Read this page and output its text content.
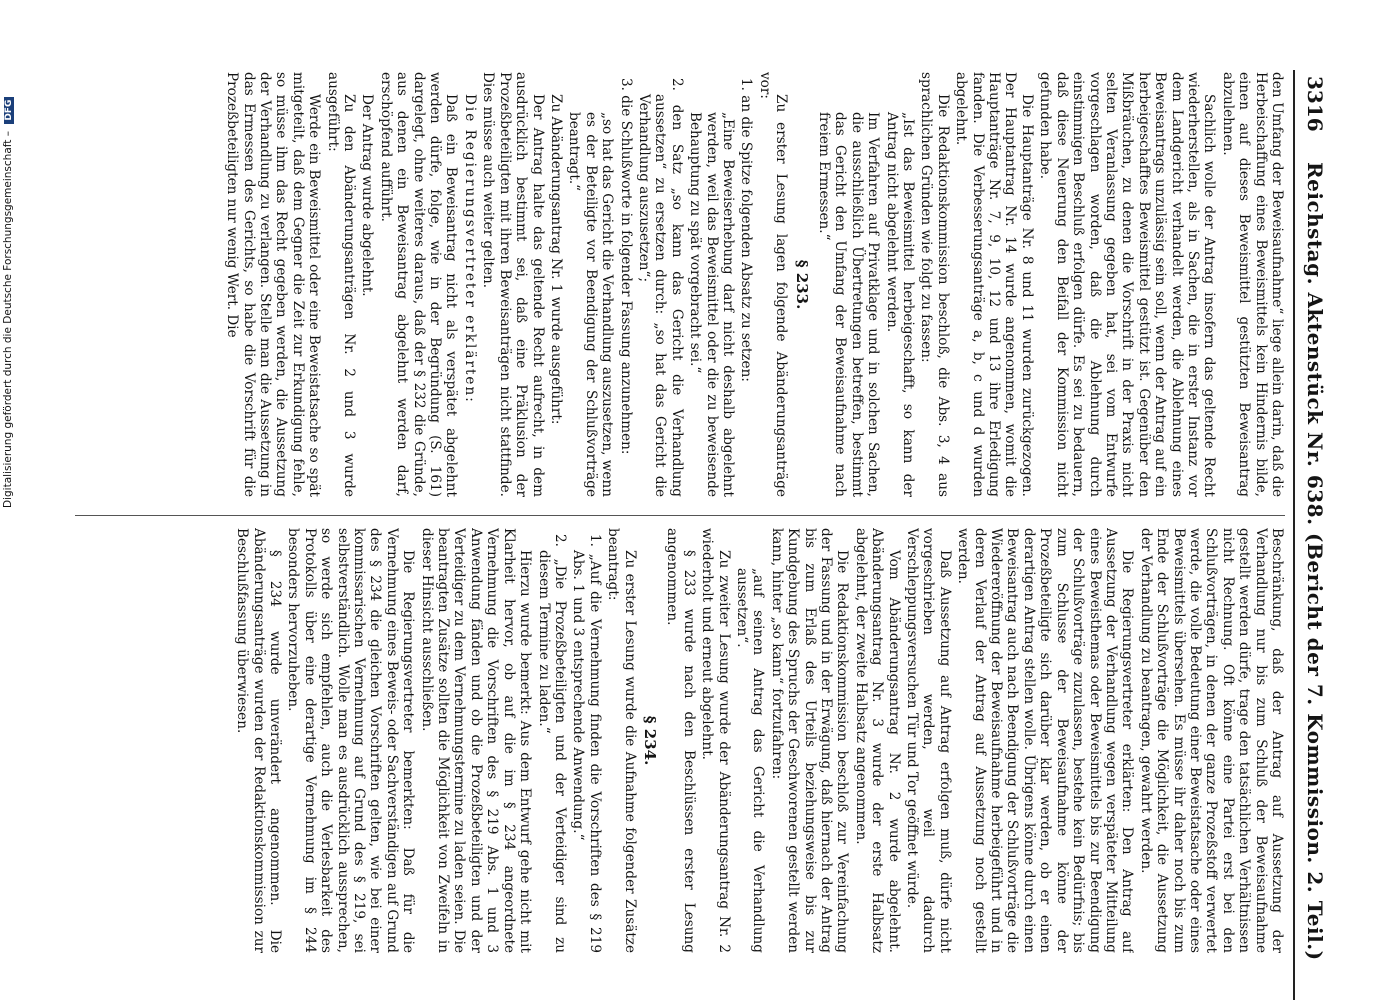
3316
Reichstag. Aktenstück Nr. 638. (Bericht der 7. Kommission. 2. Teil.)

den Umfang der Beweisaufnahme“ liege allein darin, daß die Herbeischaffung eines Beweismittels kein Hindernis bilde, einen auf dieses Beweismittel gestützten Beweisantrag abzulehnen.

Sachlich wolle der Antrag insofern das geltende Recht wiederherstellen, als in Sachen, die in erster Instanz vor dem Landgericht verhandelt werden, die Ablehnung eines Beweisantrags unzulässig sein soll, wenn der Antrag auf ein herbeigeschafftes Beweismittel gestützt ist. Gegenüber den Mißbräuchen, zu denen die Vorschrift in der Praxis nicht selten Veranlassung gegeben hat, sei vom Entwurfe vorgeschlagen worden, daß die Ablehnung durch einstimmigen Beschluß erfolgen dürfe. Es sei zu bedauern, daß diese Neuerung den Beifall der Kommission nicht gefunden habe.

Die Hauptanträge Nr. 8 und 11 wurden zurückgezogen. Der Hauptantrag Nr. 14 wurde angenommen, womit die Hauptanträge Nr. 7, 9, 10, 12 und 13 ihre Erledigung fanden. Die Verbesserungsanträge a, b, c und d wurden abgelehnt.

Die Redaktionskommission beschloß, die Abs. 3, 4 aus sprachlichen Gründen wie folgt zu fassen:

„Ist das Beweismittel herbeigeschafft, so kann der Antrag nicht abgelehnt werden.

Im Verfahren auf Privatklage und in solchen Sachen, die ausschließlich Übertretungen betreffen, bestimmt das Gericht den Umfang der Beweisaufnahme nach freiem Ermessen.“

§ 233.

Zu erster Lesung lagen folgende Abänderungsanträge vor:

1. an die Spitze folgenden Absatz zu setzen:

„Eine Beweiserhebung darf nicht deshalb abgelehnt werden, weil das Beweismittel oder die zu beweisende Behauptung zu spät vorgebracht sei.“

2. den Satz „so kann das Gericht die Verhandlung aussetzen“ zu ersetzen durch: „so hat das Gericht die Verhandlung auszusetzen“;

3. die Schlußworte in folgender Fassung anzunehmen:

„so hat das Gericht die Verhandlung auszusetzen, wenn es der Beteiligte vor Beendigung der Schlußvorträge beantragt.“

Zu Abänderungsantrag Nr. 1 wurde ausgeführt:

Der Antrag halte das geltende Recht aufrecht, in dem ausdrücklich bestimmt sei, daß eine Präklusion der Prozeßbeteiligten mit ihren Beweisanträgen nicht stattfinde. Dies müsse auch weiter gelten.

Die Regierungsvertreter erklärten:

Daß ein Beweisantrag nicht als verspätet abgelehnt werden dürfe, folge, wie in der Begründung (S. 161) dargelegt, ohne weiteres daraus, daß der § 232 die Gründe, aus denen ein Beweisantrag abgelehnt werden darf, erschöpfend aufführt.

Der Antrag wurde abgelehnt.

Zu den Abänderungsanträgen Nr. 2 und 3 wurde ausgeführt:

Werde ein Beweismittel oder eine Beweistatsache so spät mitgeteilt, daß dem Gegner die Zeit zur Erkundigung fehle, so müsse ihm das Recht gegeben werden, die Aussetzung der Verhandlung zu verlangen. Stelle man die Aussetzung in das Ermessen des Gerichts, so habe die Vorschrift für die Prozeßbeteiligten nur wenig Wert. Die

Beschränkung, daß der Antrag auf Aussetzung der Verhandlung nur bis zum Schluß der Beweisaufnahme gestellt werden dürfe, trage den tatsächlichen Verhältnissen nicht Rechnung. Oft könne eine Partei erst bei den Schlußvorträgen, in denen der ganze Prozeßstoff verwertet werde, die volle Bedeutung einer Beweistatsache oder eines Beweismittels übersehen. Es müsse ihr daher noch bis zum Ende der Schlußvorträge die Möglichkeit, die Aussetzung der Verhandlung zu beantragen, gewahrt werden.

Die Regierungsvertreter erklärten: Den Antrag auf Aussetzung der Verhandlung wegen verspäteter Mitteilung eines Beweisthemas oder Beweismittels bis zur Beendigung der Schlußvorträge zuzulassen, bestehe kein Bedürfnis; bis zum Schlusse der Beweisaufnahme könne der Prozeßbeteiligte sich darüber klar werden, ob er einen derartigen Antrag stellen wolle. Übrigens könne durch einen Beweisantrag auch nach Beendigung der Schlußvorträge die Wiedereröffnung der Beweisaufnahme herbeigeführt und in deren Verlauf der Antrag auf Aussetzung noch gestellt werden.

Daß Aussetzung auf Antrag erfolgen muß, dürfe nicht vorgeschrieben werden, weil dadurch Verschleppungsversuchen Tür und Tor geöffnet würde.

Vom Abänderungsantrag Nr. 2 wurde abgelehnt. Abänderungsantrag Nr. 3 wurde der erste Halbsatz abgelehnt, der zweite Halbsatz angenommen.

Die Redaktionskommission beschloß zur Vereinfachung der Fassung und in der Erwägung, daß hiernach der Antrag bis zum Erlaß des Urteils beziehungsweise bis zur Kundgebung des Spruchs der Geschworenen gestellt werden kann, hinter „so kann“ fortzufahren:

„auf seinen Antrag das Gericht die Verhandlung aussetzen“.

Zu zweiter Lesung wurde der Abänderungsantrag Nr. 2 wiederholt und erneut abgelehnt.

§ 233 wurde nach den Beschlüssen erster Lesung angenommen.

§ 234.

Zu erster Lesung wurde die Aufnahme folgender Zusätze beantragt:

1. „Auf die Vernehmung finden die Vorschriften des § 219 Abs. 1 und 3 entsprechende Anwendung.“

2. „Die Prozeßbeteiligten und der Verteidiger sind zu diesem Termine zu laden.“

Hierzu wurde bemerkt: Aus dem Entwurf gehe nicht mit Klarheit hervor, ob auf die im § 234 angeordnete Vernehmung die Vorschriften des § 219 Abs. 1 und 3 Anwendung fänden und ob die Prozeßbeteiligten und der Verteidiger zu dem Vernehmungstermine zu laden seien. Die beantragten Zusätze sollten die Möglichkeit von Zweifeln in dieser Hinsicht ausschließen.

Die Regierungsvertreter bemerkten: Daß für die Vernehmung eines Beweis- oder Sachverständigen auf Grund des § 234 die gleichen Vorschriften gelten, wie bei einer kommissarischen Vernehmung auf Grund des § 219, sei selbstverständlich. Wolle man es ausdrücklich aussprechen, so werde sich empfehlen, auch die Verlesbarkeit des Protokolls über eine derartige Vernehmung im § 244 besonders hervorzuheben.

§ 234 wurde unverändert angenommen. Die Abänderungsanträge wurden der Redaktionskommission zur Beschlußfassung überwiesen.

Digitalisierung gefördert durch die Deutsche Forschungsgemeinschaft – DFG
